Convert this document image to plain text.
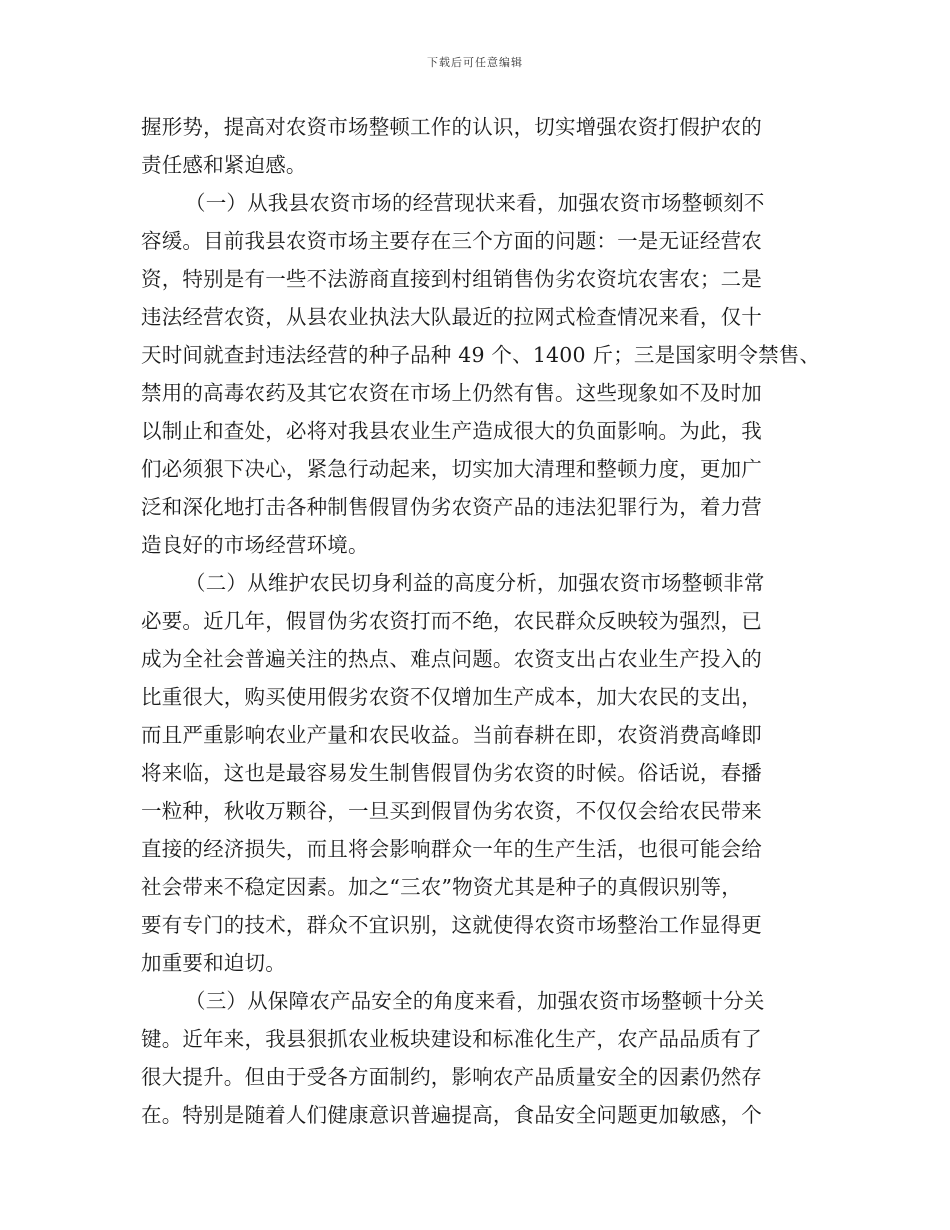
下载后可任意编辑
握形势，提高对农资市场整顿工作的认识，切实增强农资打假护农的
责任感和紧迫感。
（一）从我县农资市场的经营现状来看，加强农资市场整顿刻不
容缓。目前我县农资市场主要存在三个方面的问题：一是无证经营农
资，特别是有一些不法游商直接到村组销售伪劣农资坑农害农；二是
违法经营农资，从县农业执法大队最近的拉网式检查情况来看，仅十
天时间就查封违法经营的种子品种 49 个、1400 斤；三是国家明令禁售、
禁用的高毒农药及其它农资在市场上仍然有售。这些现象如不及时加
以制止和查处，必将对我县农业生产造成很大的负面影响。为此，我
们必须狠下决心，紧急行动起来，切实加大清理和整顿力度，更加广
泛和深化地打击各种制售假冒伪劣农资产品的违法犯罪行为，着力营
造良好的市场经营环境。
（二）从维护农民切身利益的高度分析，加强农资市场整顿非常
必要。近几年，假冒伪劣农资打而不绝，农民群众反映较为强烈，已
成为全社会普遍关注的热点、难点问题。农资支出占农业生产投入的
比重很大，购买使用假劣农资不仅增加生产成本，加大农民的支出，
而且严重影响农业产量和农民收益。当前春耕在即，农资消费高峰即
将来临，这也是最容易发生制售假冒伪劣农资的时候。俗话说，春播
一粒种，秋收万颗谷，一旦买到假冒伪劣农资，不仅仅会给农民带来
直接的经济损失，而且将会影响群众一年的生产生活，也很可能会给
社会带来不稳定因素。加之“三农”物资尤其是种子的真假识别等，
要有专门的技术，群众不宜识别，这就使得农资市场整治工作显得更
加重要和迫切。
（三）从保障农产品安全的角度来看，加强农资市场整顿十分关
键。近年来，我县狠抓农业板块建设和标准化生产，农产品品质有了
很大提升。但由于受各方面制约，影响农产品质量安全的因素仍然存
在。特别是随着人们健康意识普遍提高，食品安全问题更加敏感，个
